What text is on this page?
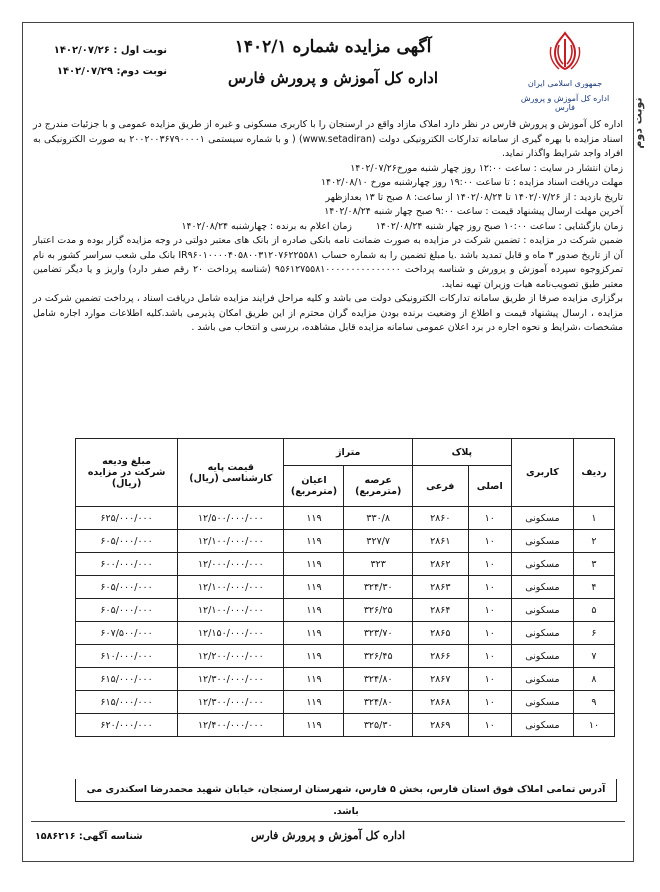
نوبت دوم
جمهوری اسلامی ایران
اداره کل آموزش و پرورش فارس
آگهی مزایده شماره ۱۴۰۲/۱
اداره کل آموزش و پرورش فارس
نوبت اول : ۱۴۰۲/۰۷/۲۶
نوبت دوم: ۱۴۰۲/۰۷/۲۹

اداره کل آموزش و پرورش فارس در نظر دارد املاک مازاد واقع در ارسنجان را با کاربری مسکونی و غیره از طریق مزایده عمومی و با جزئیات مندرج در اسناد مزایده با بهره گیری از سامانه تدارکات الکترونیکی دولت (www.setadiran) ( و با شماره سیستمی ۲۰۰۲۰۰۳۶۷۹۰۰۰۰۱ به صورت الکترونیکی به افراد واجد شرایط واگذار نماید.

زمان انتشار در سایت : ساعت ۱۲:۰۰ روز چهار شنبه مورخ۱۴۰۲/۰۷/۲۶

مهلت دریافت اسناد مزایده : تا ساعت ۱۹:۰۰ روز چهارشنبه مورخ ۱۴۰۲/۰۸/۱۰

تاریخ بازدید : از ۱۴۰۲/۰۷/۲۶ تا ۱۴۰۲/۰۸/۲۴ از ساعت: ۸ صبح تا ۱۳ بعدازظهر

آخرین مهلت ارسال پیشنهاد قیمت : ساعت ۹:۰۰ صبح چهار شنبه ۱۴۰۲/۰۸/۲۴

زمان بازگشایی : ساعت ۱۰:۰۰ صبح روز چهار شنبه ۱۴۰۲/۰۸/۲۴        زمان اعلام به برنده : چهارشنبه ۱۴۰۲/۰۸/۲۴

ضمین شرکت در مزایده : تضمین شرکت در مزایده به صورت ضمانت نامه بانکی صادره از بانک های معتبر دولتی در وجه مزایده گزار بوده و مدت اعتبار آن از تاریخ صدور ۳ ماه و قابل تمدید باشد .یا مبلغ تضمین را به شماره حساب IR۹۶۰۱۰۰۰۰۴۰۵۸۰۰۳۱۲۰۷۶۲۲۵۵۸۱ بانک ملی شعب سراسر کشور به نام تمرکزوجوه سپرده آموزش و پرورش و شناسه پرداخت ۹۵۶۱۲۷۵۵۸۱۰۰۰۰۰۰۰۰۰۰۰۰۰۰۰ (شناسه پرداخت ۲۰ رقم صفر دارد) واریز و یا دیگر تضامین معتبر طبق تصویب‌نامه هیات وزیران تهیه نماید.

برگزاری مزایده صرفا از طریق سامانه تدارکات الکترونیکی دولت می باشد و کلیه مراحل فرایند مزایده شامل دریافت اسناد ، پرداخت تضمین شرکت در مزایده ، ارسال پیشنهاد قیمت و اطلاع از وضعیت برنده بودن مزایده گران محترم از این طریق امکان پذیرمی باشد.کلیه اطلاعات موارد اجاره شامل مشخصات ،شرایط و نحوه اجاره در برد اعلان عمومی سامانه مزایده قابل مشاهده، بررسی و انتخاب می باشد .

ردیف	کاربری	پلاک		متراژ		قیمت پایه
کارشناسی (ریال)	مبلغ ودیعه
شرکت در مزایده
(ریال)
		اصلی	فرعی	عرصه
(مترمربع)	اعیان
(مترمربع)		
۱	مسکونی	۱۰	۲۸۶۰	۳۳۰/۸	۱۱۹	۱۲/۵۰۰/۰۰۰/۰۰۰	۶۲۵/۰۰۰/۰۰۰
۲	مسکونی	۱۰	۲۸۶۱	۳۲۷/۷	۱۱۹	۱۲/۱۰۰/۰۰۰/۰۰۰	۶۰۵/۰۰۰/۰۰۰
۳	مسکونی	۱۰	۲۸۶۲	۳۲۳	۱۱۹	۱۲/۰۰۰/۰۰۰/۰۰۰	۶۰۰/۰۰۰/۰۰۰
۴	مسکونی	۱۰	۲۸۶۳	۳۲۴/۳۰	۱۱۹	۱۲/۱۰۰/۰۰۰/۰۰۰	۶۰۵/۰۰۰/۰۰۰
۵	مسکونی	۱۰	۲۸۶۴	۳۲۶/۲۵	۱۱۹	۱۲/۱۰۰/۰۰۰/۰۰۰	۶۰۵/۰۰۰/۰۰۰
۶	مسکونی	۱۰	۲۸۶۵	۳۲۳/۷۰	۱۱۹	۱۲/۱۵۰/۰۰۰/۰۰۰	۶۰۷/۵۰۰/۰۰۰
۷	مسکونی	۱۰	۲۸۶۶	۳۲۶/۴۵	۱۱۹	۱۲/۲۰۰/۰۰۰/۰۰۰	۶۱۰/۰۰۰/۰۰۰
۸	مسکونی	۱۰	۲۸۶۷	۳۲۴/۸۰	۱۱۹	۱۲/۳۰۰/۰۰۰/۰۰۰	۶۱۵/۰۰۰/۰۰۰
۹	مسکونی	۱۰	۲۸۶۸	۳۲۴/۸۰	۱۱۹	۱۲/۳۰۰/۰۰۰/۰۰۰	۶۱۵/۰۰۰/۰۰۰
۱۰	مسکونی	۱۰	۲۸۶۹	۳۲۵/۳۰	۱۱۹	۱۲/۴۰۰/۰۰۰/۰۰۰	۶۲۰/۰۰۰/۰۰۰
آدرس تمامی املاک فوق استان فارس، بخش ۵ فارس، شهرستان ارسنجان، خیابان شهید محمدرضا اسکندری می باشد.
اداره کل آموزش و پرورش فارس
شناسه آگهی: ۱۵۸۶۲۱۶
